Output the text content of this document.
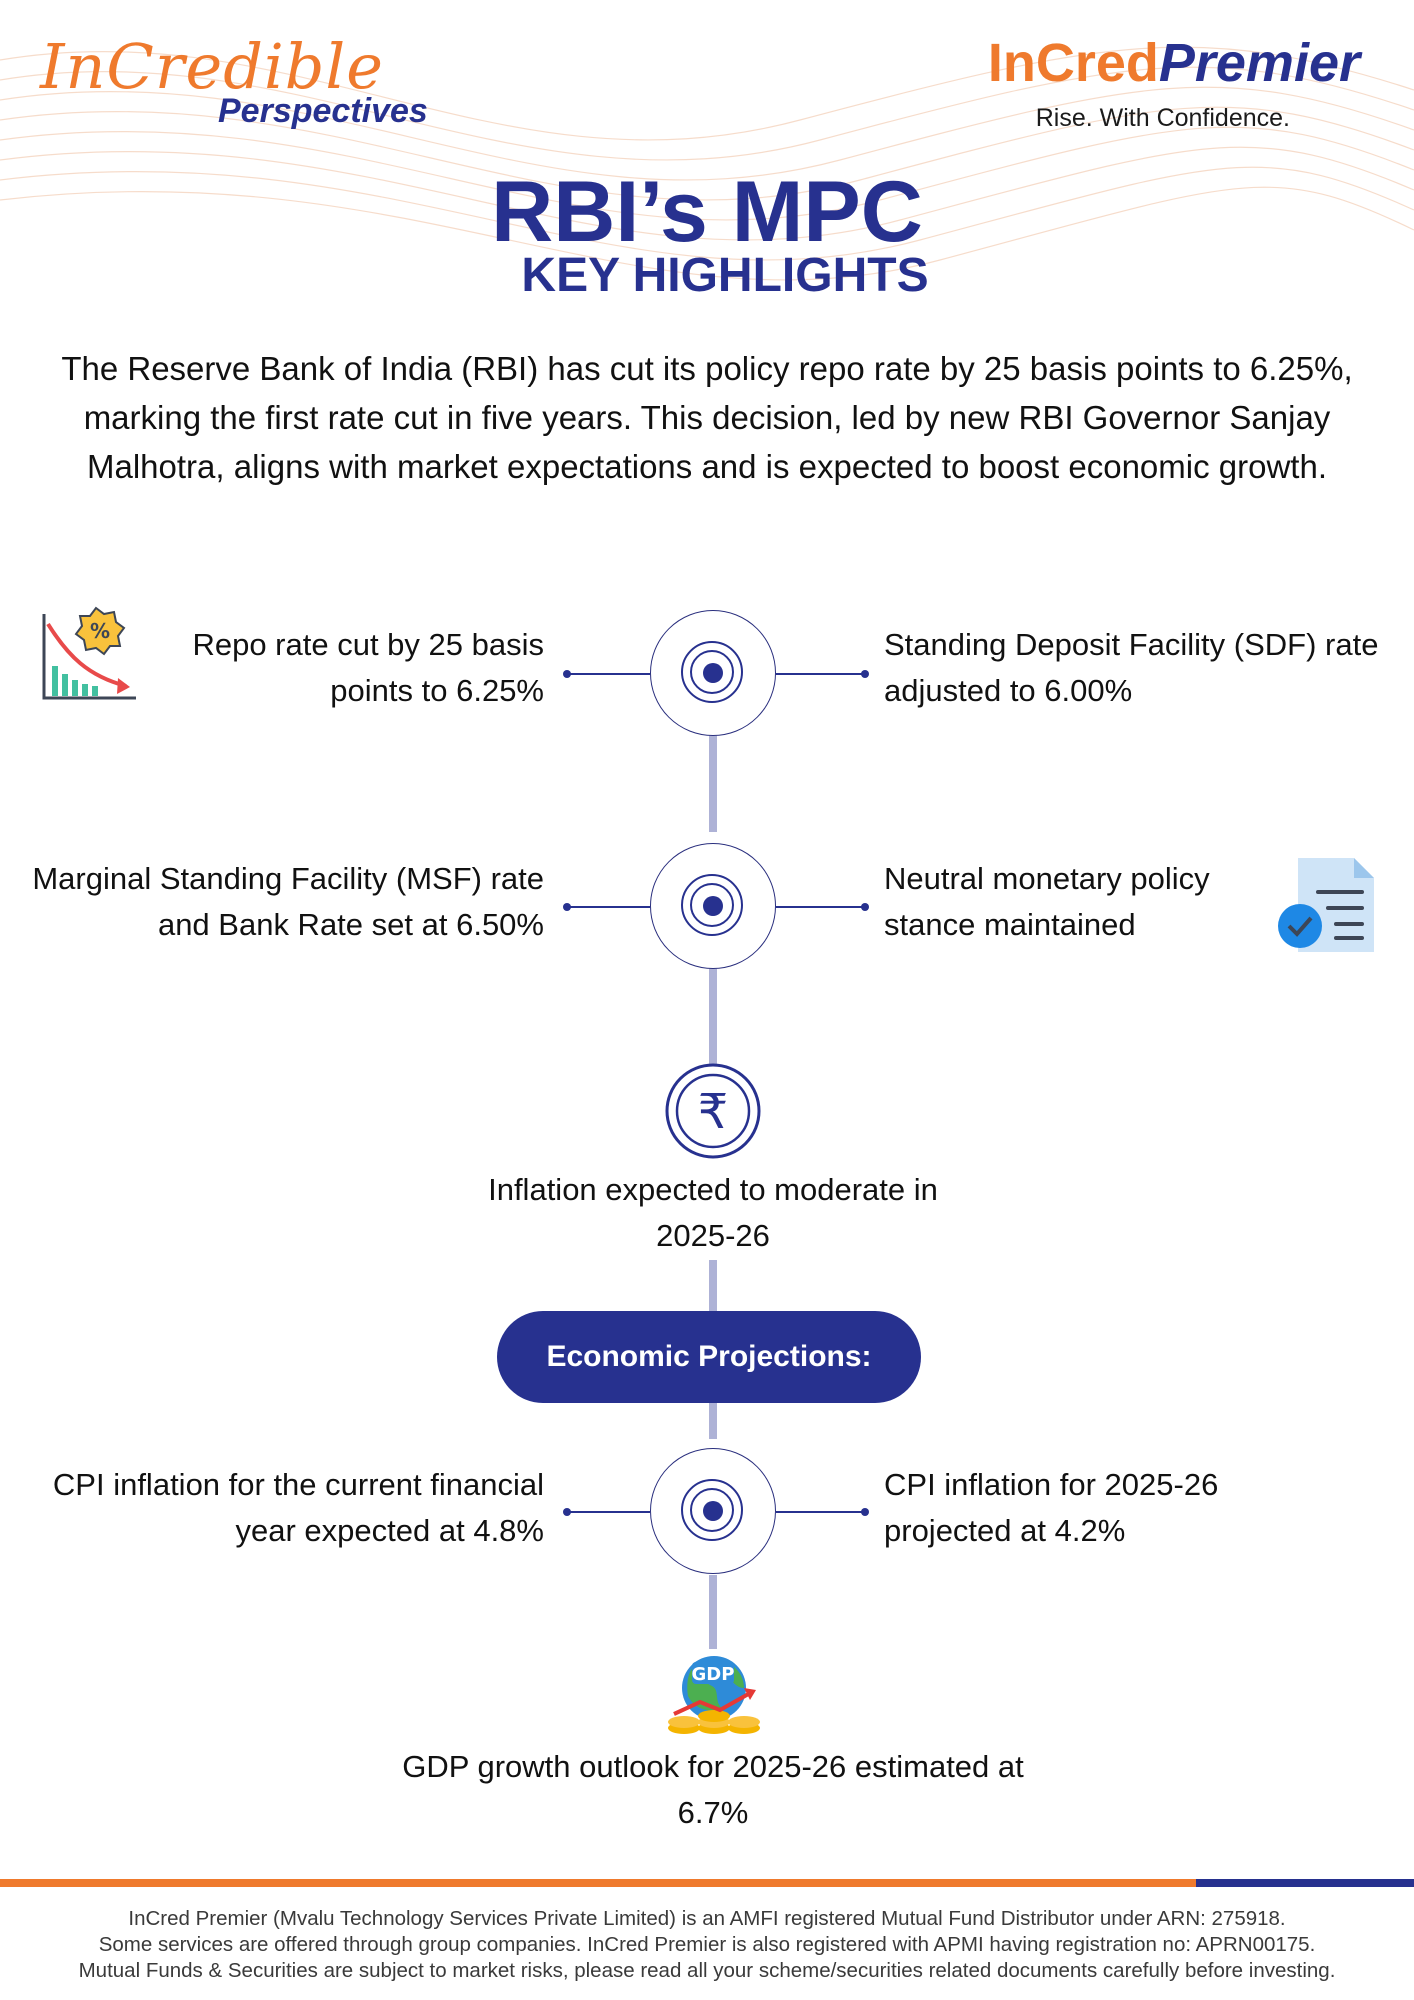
InCredible
Perspectives
InCredPremier
Rise. With Confidence.
RBI’s MPC
KEY HIGHLIGHTS
The Reserve Bank of India (RBI) has cut its policy repo rate by 25 basis points to 6.25%, marking the first rate cut in five years. This decision, led by new RBI Governor Sanjay Malhotra, aligns with market expectations and is expected to boost economic growth.
%	Repo rate cut by 25 basis points to 6.25%
Standing Deposit Facility (SDF) rate adjusted to 6.00%
Marginal Standing Facility (MSF) rate and Bank Rate set at 6.50%
Neutral monetary policy stance maintained
₹
Inflation expected to moderate in 2025-26
Economic Projections:
CPI inflation for the current financial year expected at 4.8%
CPI inflation for 2025-26 projected at 4.2%
GDP
GDP growth outlook for 2025-26 estimated at 6.7%
InCred Premier (Mvalu Technology Services Private Limited) is an AMFI registered Mutual Fund Distributor under ARN: 275918.
Some services are offered through group companies. InCred Premier is also registered with APMI having registration no: APRN00175.
Mutual Funds & Securities are subject to market risks, please read all your scheme/securities related documents carefully before investing.
